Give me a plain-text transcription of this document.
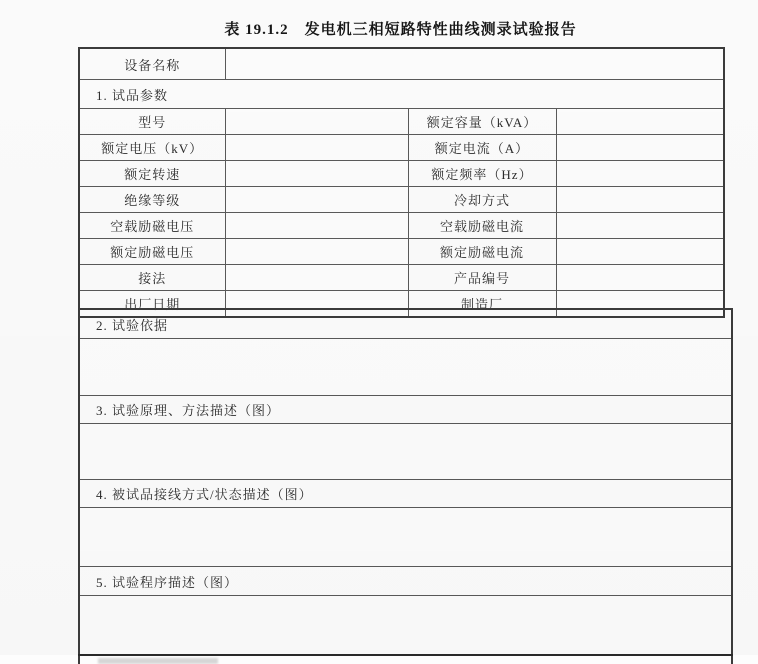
表 19.1.2　发电机三相短路特性曲线测录试验报告
设备名称			
1. 试品参数			
型号		额定容量（kVA）	
额定电压（kV）		额定电流（A）	
额定转速		额定频率（Hz）	
绝缘等级		冷却方式	
空载励磁电压		空载励磁电流	
额定励磁电压		额定励磁电流	
接法		产品编号	
出厂日期		制造厂	
2. 试验依据

3. 试验原理、方法描述（图）

4. 被试品接线方式/状态描述（图）

5. 试验程序描述（图）
